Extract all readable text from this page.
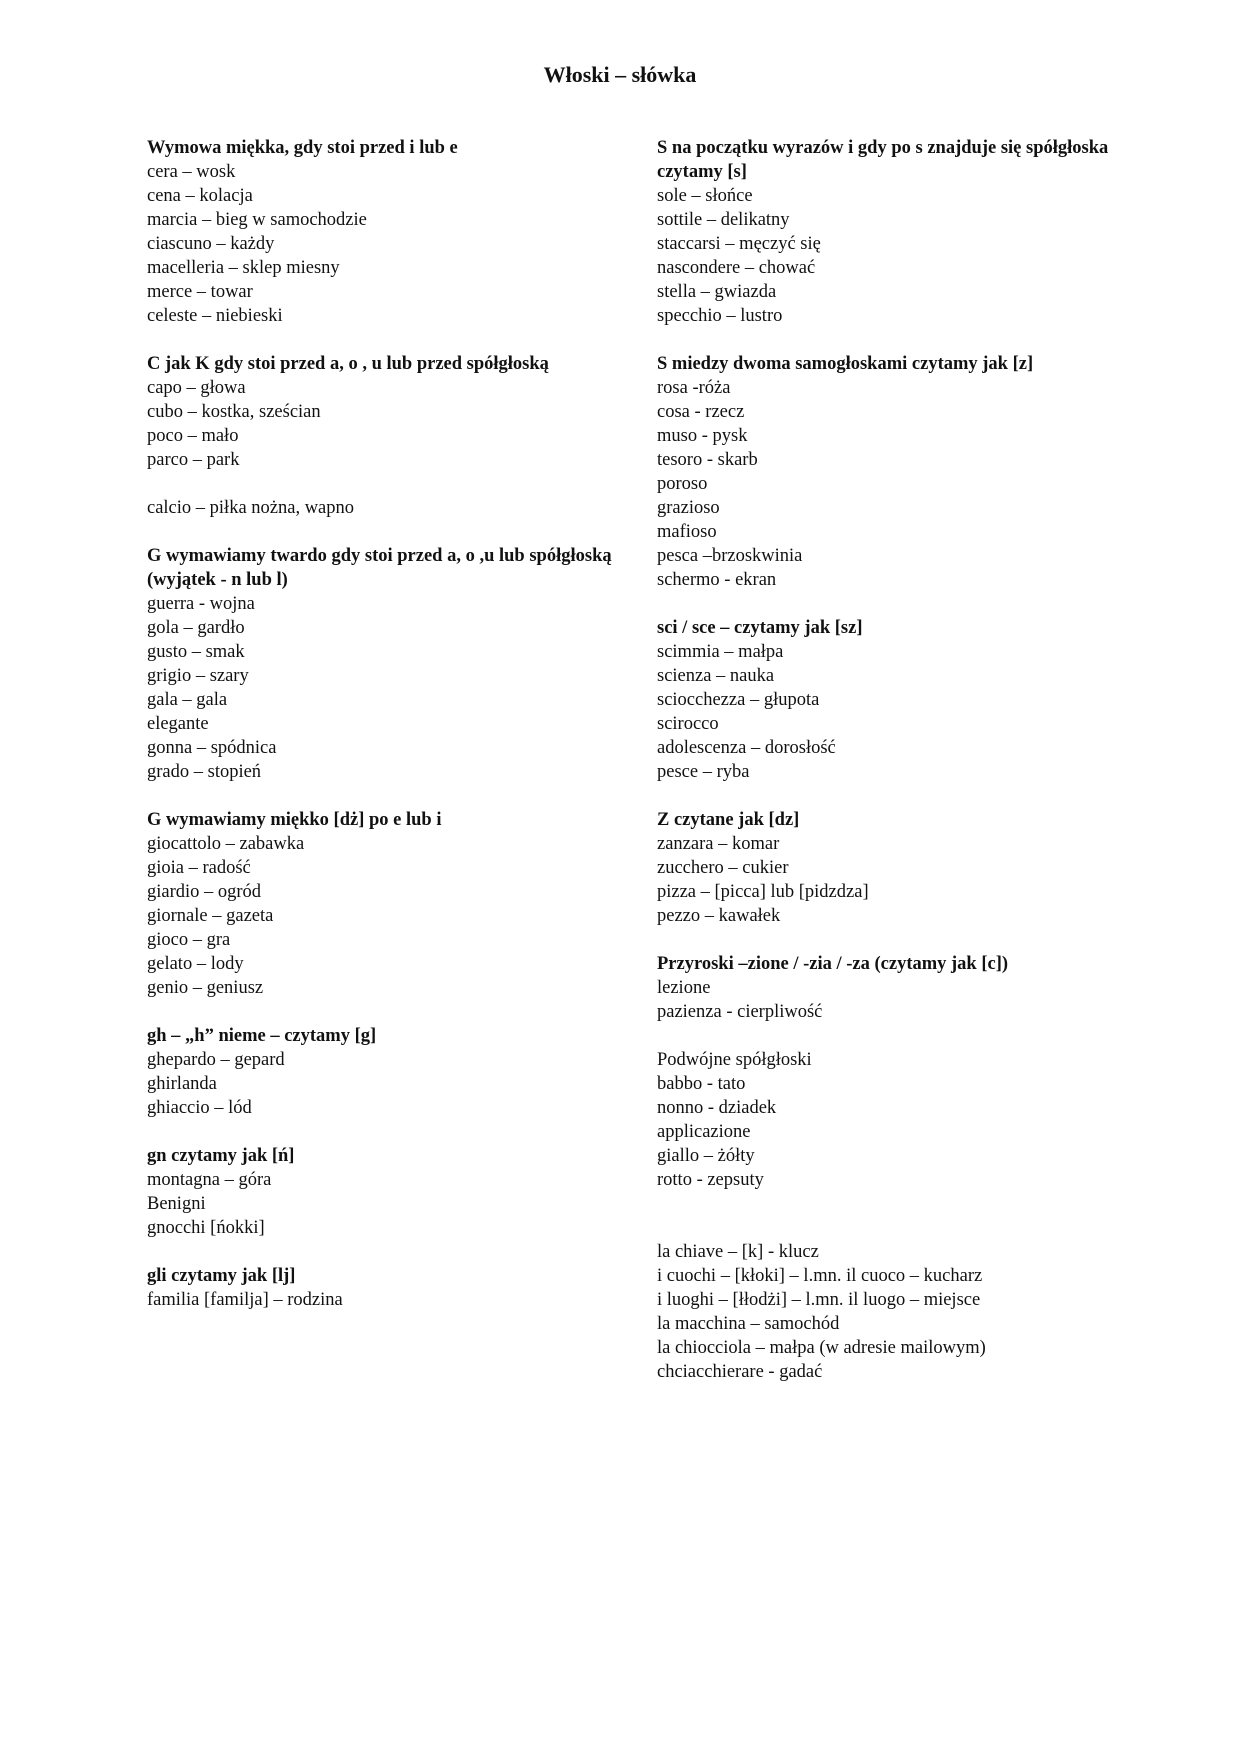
Włoski – słówka
Wymowa miękka, gdy stoi przed i lub e
cera – wosk
cena – kolacja
marcia – bieg w samochodzie
ciascuno – każdy
macelleria – sklep miesny
merce – towar
celeste – niebieski
C jak K gdy stoi przed a, o , u lub przed spółgłoską
capo – głowa
cubo – kostka, sześcian
poco – mało
parco – park
calcio – piłka nożna, wapno
G wymawiamy twardo gdy stoi przed a, o ,u lub spółgłoską (wyjątek - n lub l)
guerra - wojna
gola – gardło
gusto – smak
grigio – szary
gala – gala
elegante
gonna – spódnica
grado – stopień
G wymawiamy miękko [dż] po e lub i
giocattolo – zabawka
gioia – radość
giardio – ogród
giornale – gazeta
gioco – gra
gelato – lody
genio – geniusz
gh – „h” nieme – czytamy [g]
ghepardo – gepard
ghirlanda
ghiaccio – lód
gn czytamy jak [ń]
montagna – góra
Benigni
gnocchi [ńokki]
gli czytamy jak [lj]
familia [familja] – rodzina
S na początku wyrazów i gdy po s znajduje się spółgłoska czytamy [s]
sole – słońce
sottile – delikatny
staccarsi – męczyć się
nascondere – chować
stella – gwiazda
specchio – lustro
S miedzy dwoma samogłoskami czytamy jak [z]
rosa -róża
cosa - rzecz
muso - pysk
tesoro - skarb
poroso
grazioso
mafioso
pesca –brzoskwinia
schermo - ekran
sci / sce – czytamy jak [sz]
scimmia – małpa
scienza – nauka
sciocchezza – głupota
scirocco
adolescenza – dorosłość
pesce – ryba
Z czytane jak [dz]
zanzara – komar
zucchero – cukier
pizza – [picca] lub [pidzdza]
pezzo – kawałek
Przyroski –zione / -zia / -za (czytamy jak [c])
lezione
pazienza - cierpliwość
Podwójne spółgłoski
babbo - tato
nonno - dziadek
applicazione
giallo – żółty
rotto - zepsuty
la chiave – [k] - klucz
i cuochi – [kłoki] – l.mn. il cuoco – kucharz
i luoghi – [łłodżi] – l.mn. il luogo – miejsce
la macchina – samochód
la chiocciola – małpa (w adresie mailowym)
chciacchierare - gadać
